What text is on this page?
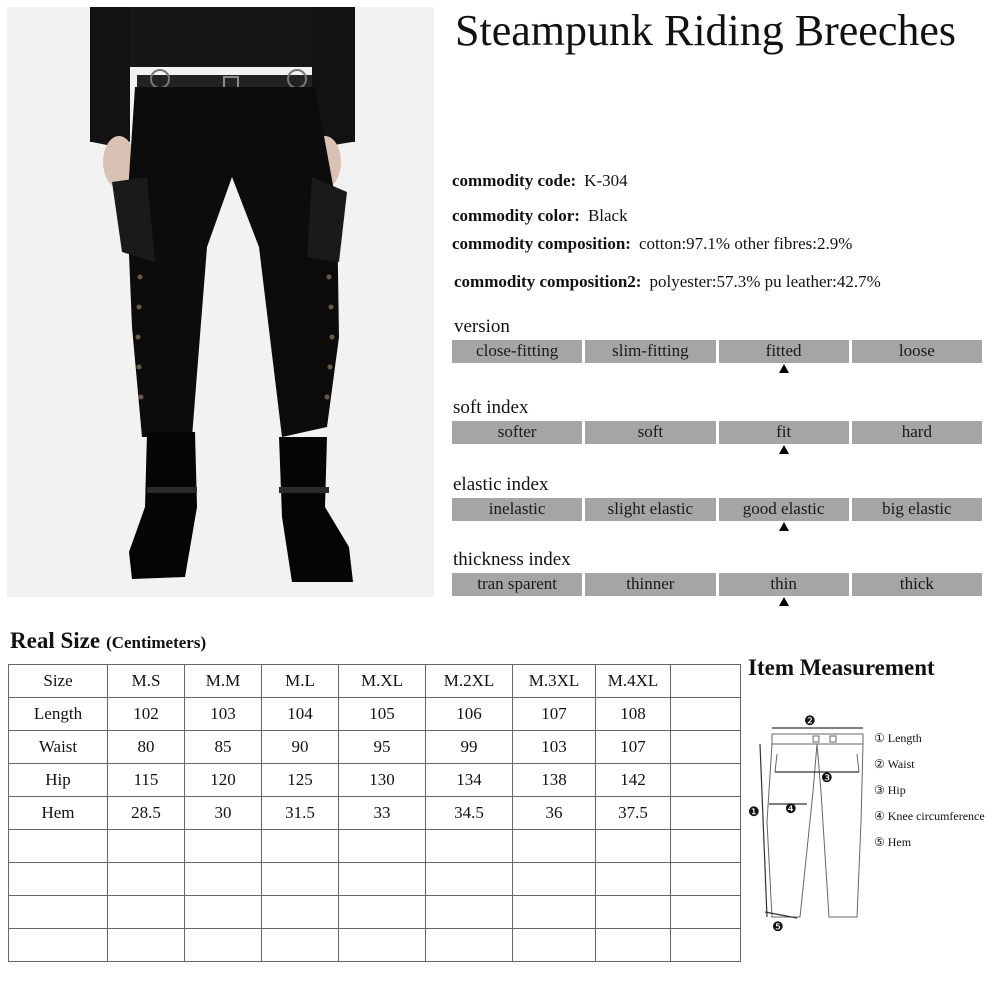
Steampunk Riding Breeches
commodity code: K-304
commodity color: Black
commodity composition: cotton:97.1% other fibres:2.9%
commodity composition2: polyester:57.3% pu leather:42.7%
version
close-fitting	slim-fitting	fitted	loose
soft index
softer	soft	fit	hard
elastic index
inelastic	slight elastic	good elastic	big elastic
thickness index
tran sparent	thinner	thin	thick
Real Size (Centimeters)
Size	M.S	M.M	M.L	M.XL	M.2XL	M.3XL	M.4XL	
Length	102	103	104	105	106	107	108	
Waist	80	85	90	95	99	103	107	
Hip	115	120	125	130	134	138	142	
Hem	28.5	30	31.5	33	34.5	36	37.5	

Item Measurement
❷
❸
❶ ❹
❺
① Length
② Waist
③ Hip
④ Knee circumference
⑤ Hem
